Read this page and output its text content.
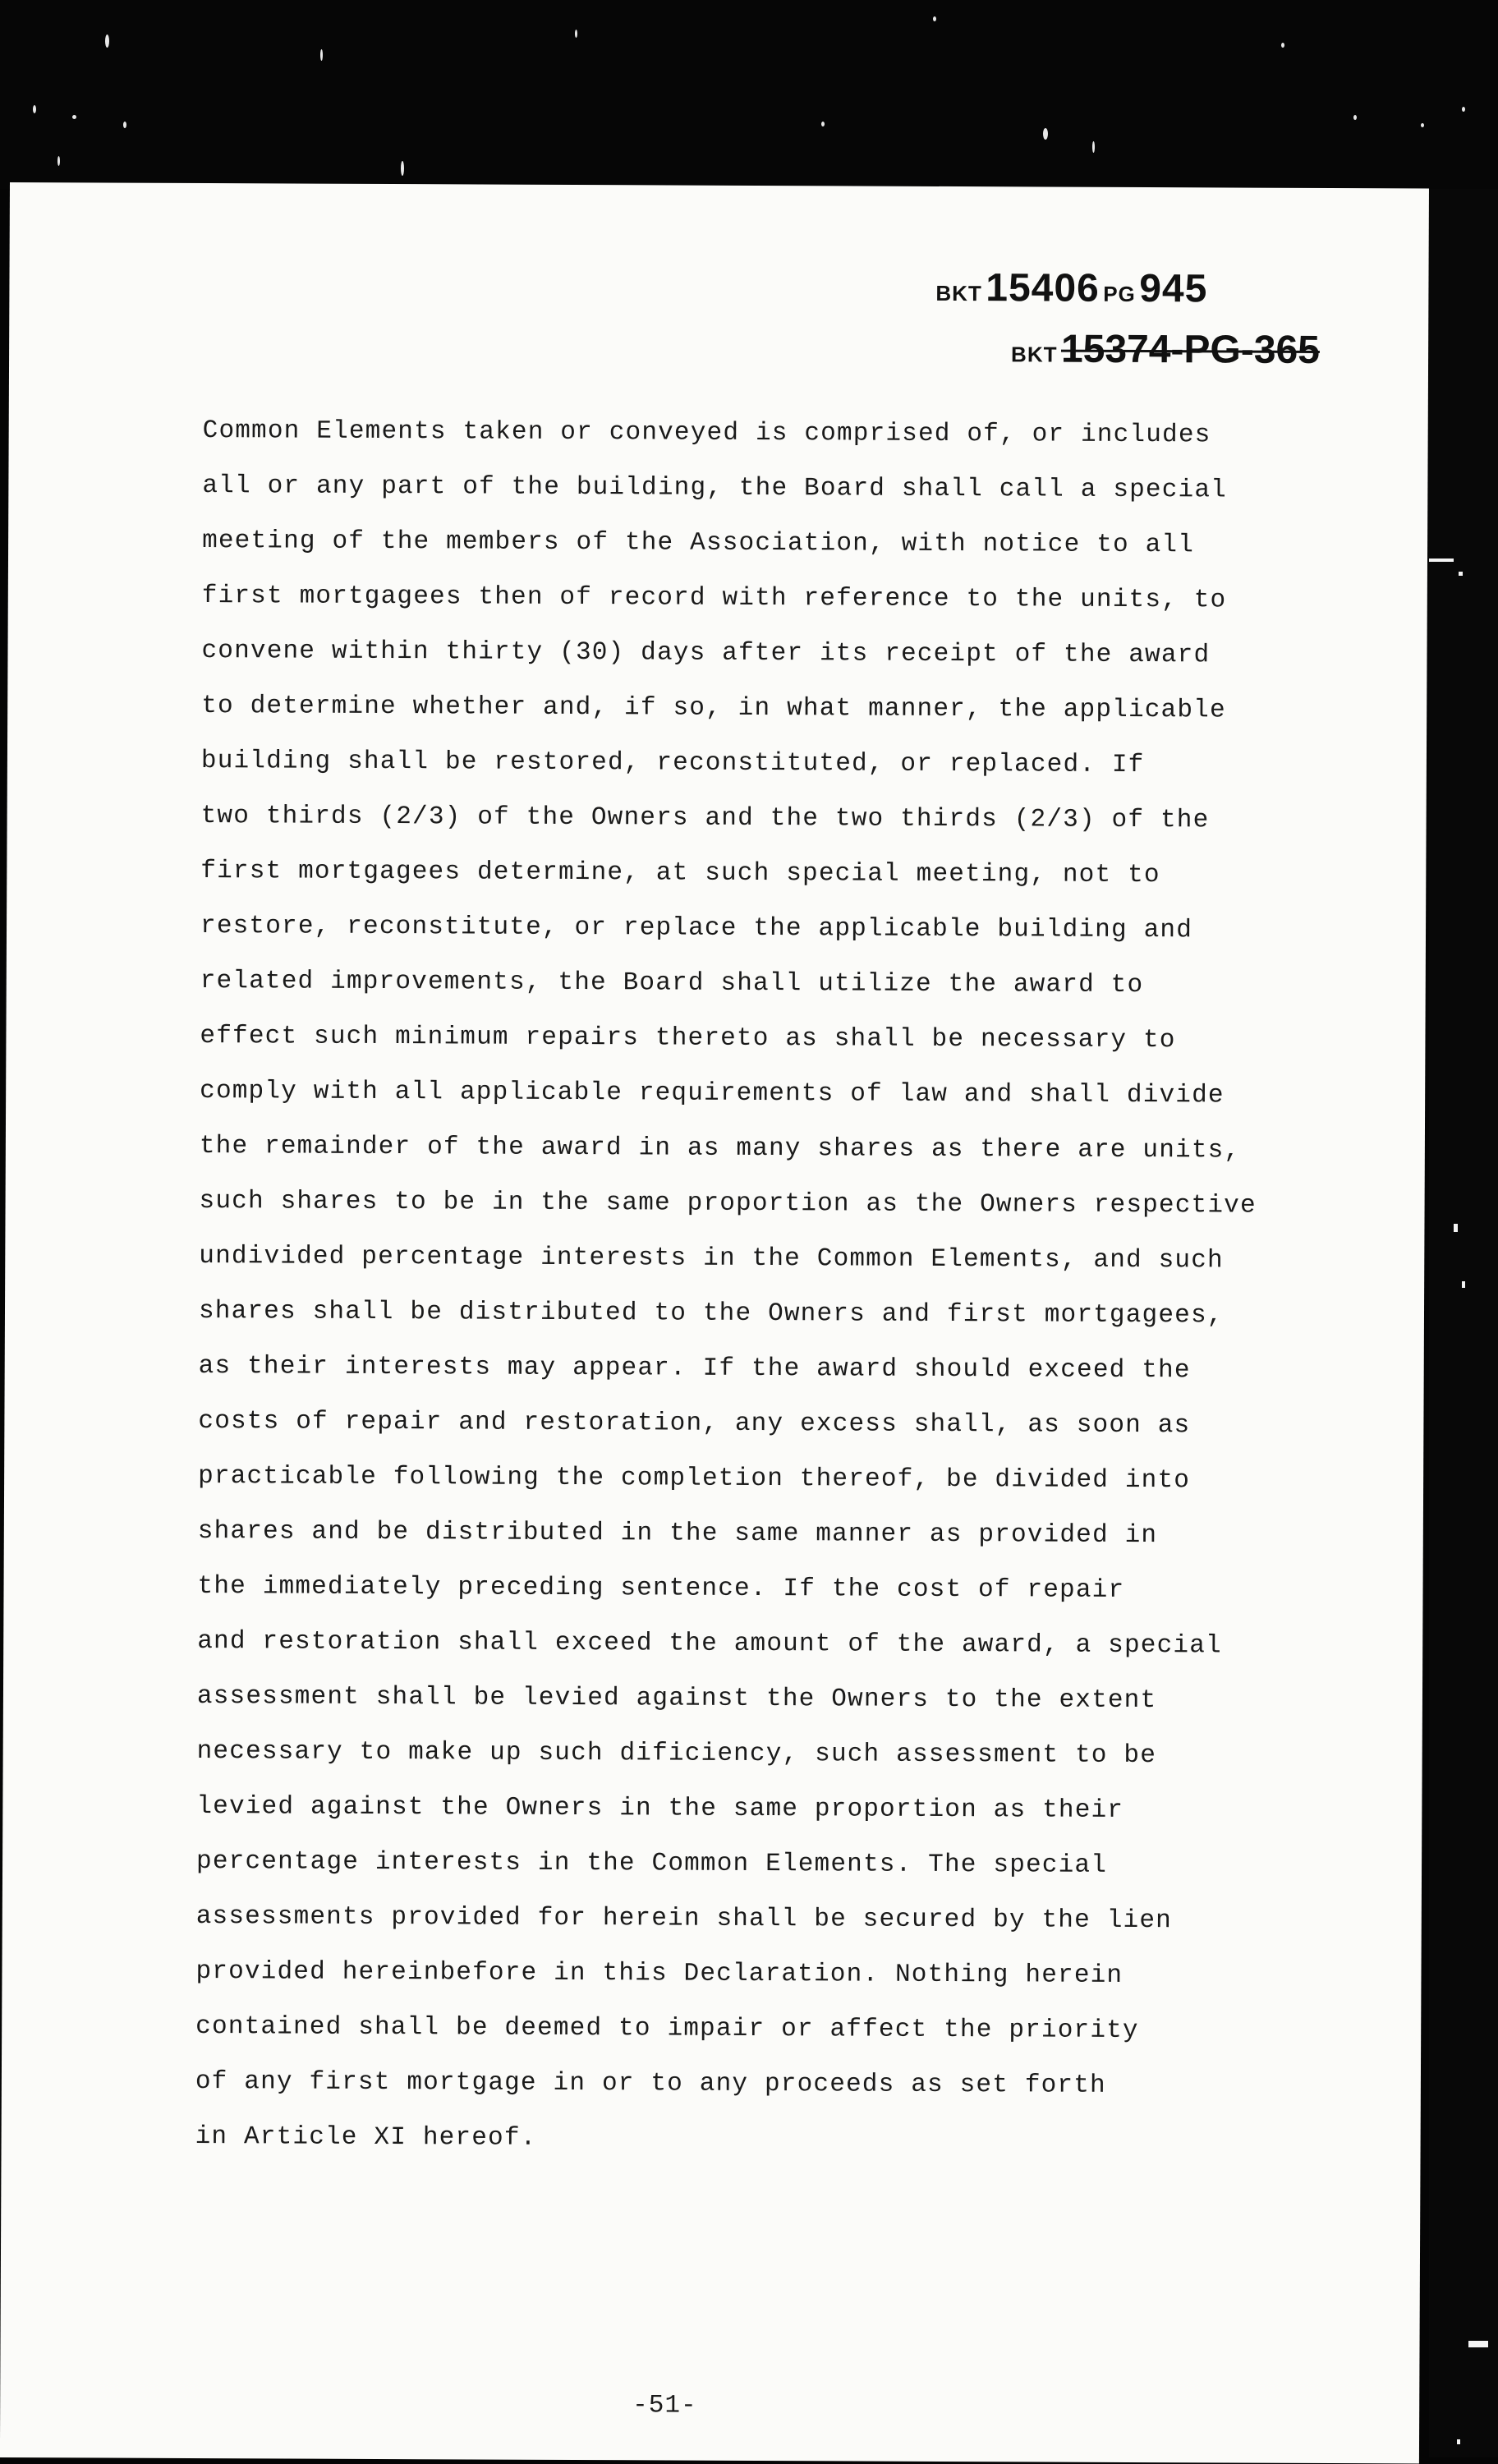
BKT 15406 PG 945
BKT 15374-PG-365
Common Elements taken or conveyed is comprised of, or includes
all or any part of the building, the Board shall call a special
meeting of the members of the Association, with notice to all
first mortgagees then of record with reference to the units, to
convene within thirty (30) days after its receipt of the award
to determine whether and, if so, in what manner, the applicable
building shall be restored, reconstituted, or replaced. If
two thirds (2/3) of the Owners and the two thirds (2/3) of the
first mortgagees determine, at such special meeting, not to
restore, reconstitute, or replace the applicable building and
related improvements, the Board shall utilize the award to
effect such minimum repairs thereto as shall be necessary to
comply with all applicable requirements of law and shall divide
the remainder of the award in as many shares as there are units,
such shares to be in the same proportion as the Owners respective
undivided percentage interests in the Common Elements, and such
shares shall be distributed to the Owners and first mortgagees,
as their interests may appear. If the award should exceed the
costs of repair and restoration, any excess shall, as soon as
practicable following the completion thereof, be divided into
shares and be distributed in the same manner as provided in
the immediately preceding sentence. If the cost of repair
and restoration shall exceed the amount of the award, a special
assessment shall be levied against the Owners to the extent
necessary to make up such dificiency, such assessment to be
levied against the Owners in the same proportion as their
percentage interests in the Common Elements. The special
assessments provided for herein shall be secured by the lien
provided hereinbefore in this Declaration. Nothing herein
contained shall be deemed to impair or affect the priority
of any first mortgage in or to any proceeds as set forth
in Article XI hereof.
-51-
